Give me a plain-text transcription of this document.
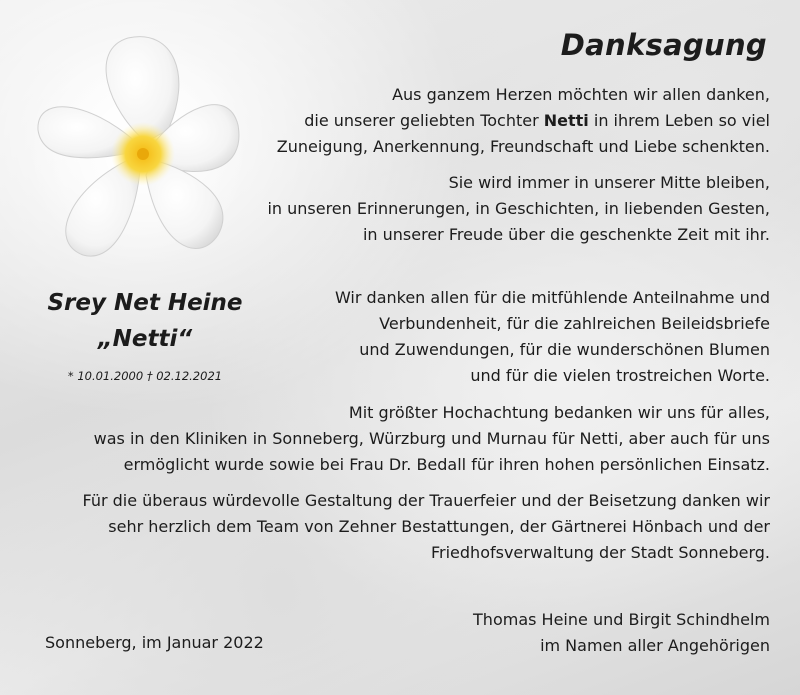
Danksagung

Aus ganzem Herzen möchten wir allen danken,

die unserer geliebten Tochter Netti in ihrem Leben so viel

Zuneigung, Anerkennung, Freundschaft und Liebe schenkten.

Sie wird immer in unserer Mitte bleiben,

in unseren Erinnerungen, in Geschichten, in liebenden Gesten,

in unserer Freude über die geschenkte Zeit mit ihr.

Srey Net Heine
„Netti“
* 10.01.2000 † 02.12.2021

Wir danken allen für die mitfühlende Anteilnahme und

Verbundenheit, für die zahlreichen Beileidsbriefe

und Zuwendungen, für die wunderschönen Blumen

und für die vielen trostreichen Worte.

Mit größter Hochachtung bedanken wir uns für alles,

was in den Kliniken in Sonneberg, Würzburg und Murnau für Netti, aber auch für uns

ermöglicht wurde sowie bei Frau Dr. Bedall für ihren hohen persönlichen Einsatz.

Für die überaus würdevolle Gestaltung der Trauerfeier und der Beisetzung danken wir

sehr herzlich dem Team von Zehner Bestattungen, der Gärtnerei Hönbach und der

Friedhofsverwaltung der Stadt Sonneberg.

Sonneberg, im Januar 2022

Thomas Heine und Birgit Schindhelm

im Namen aller Angehörigen
